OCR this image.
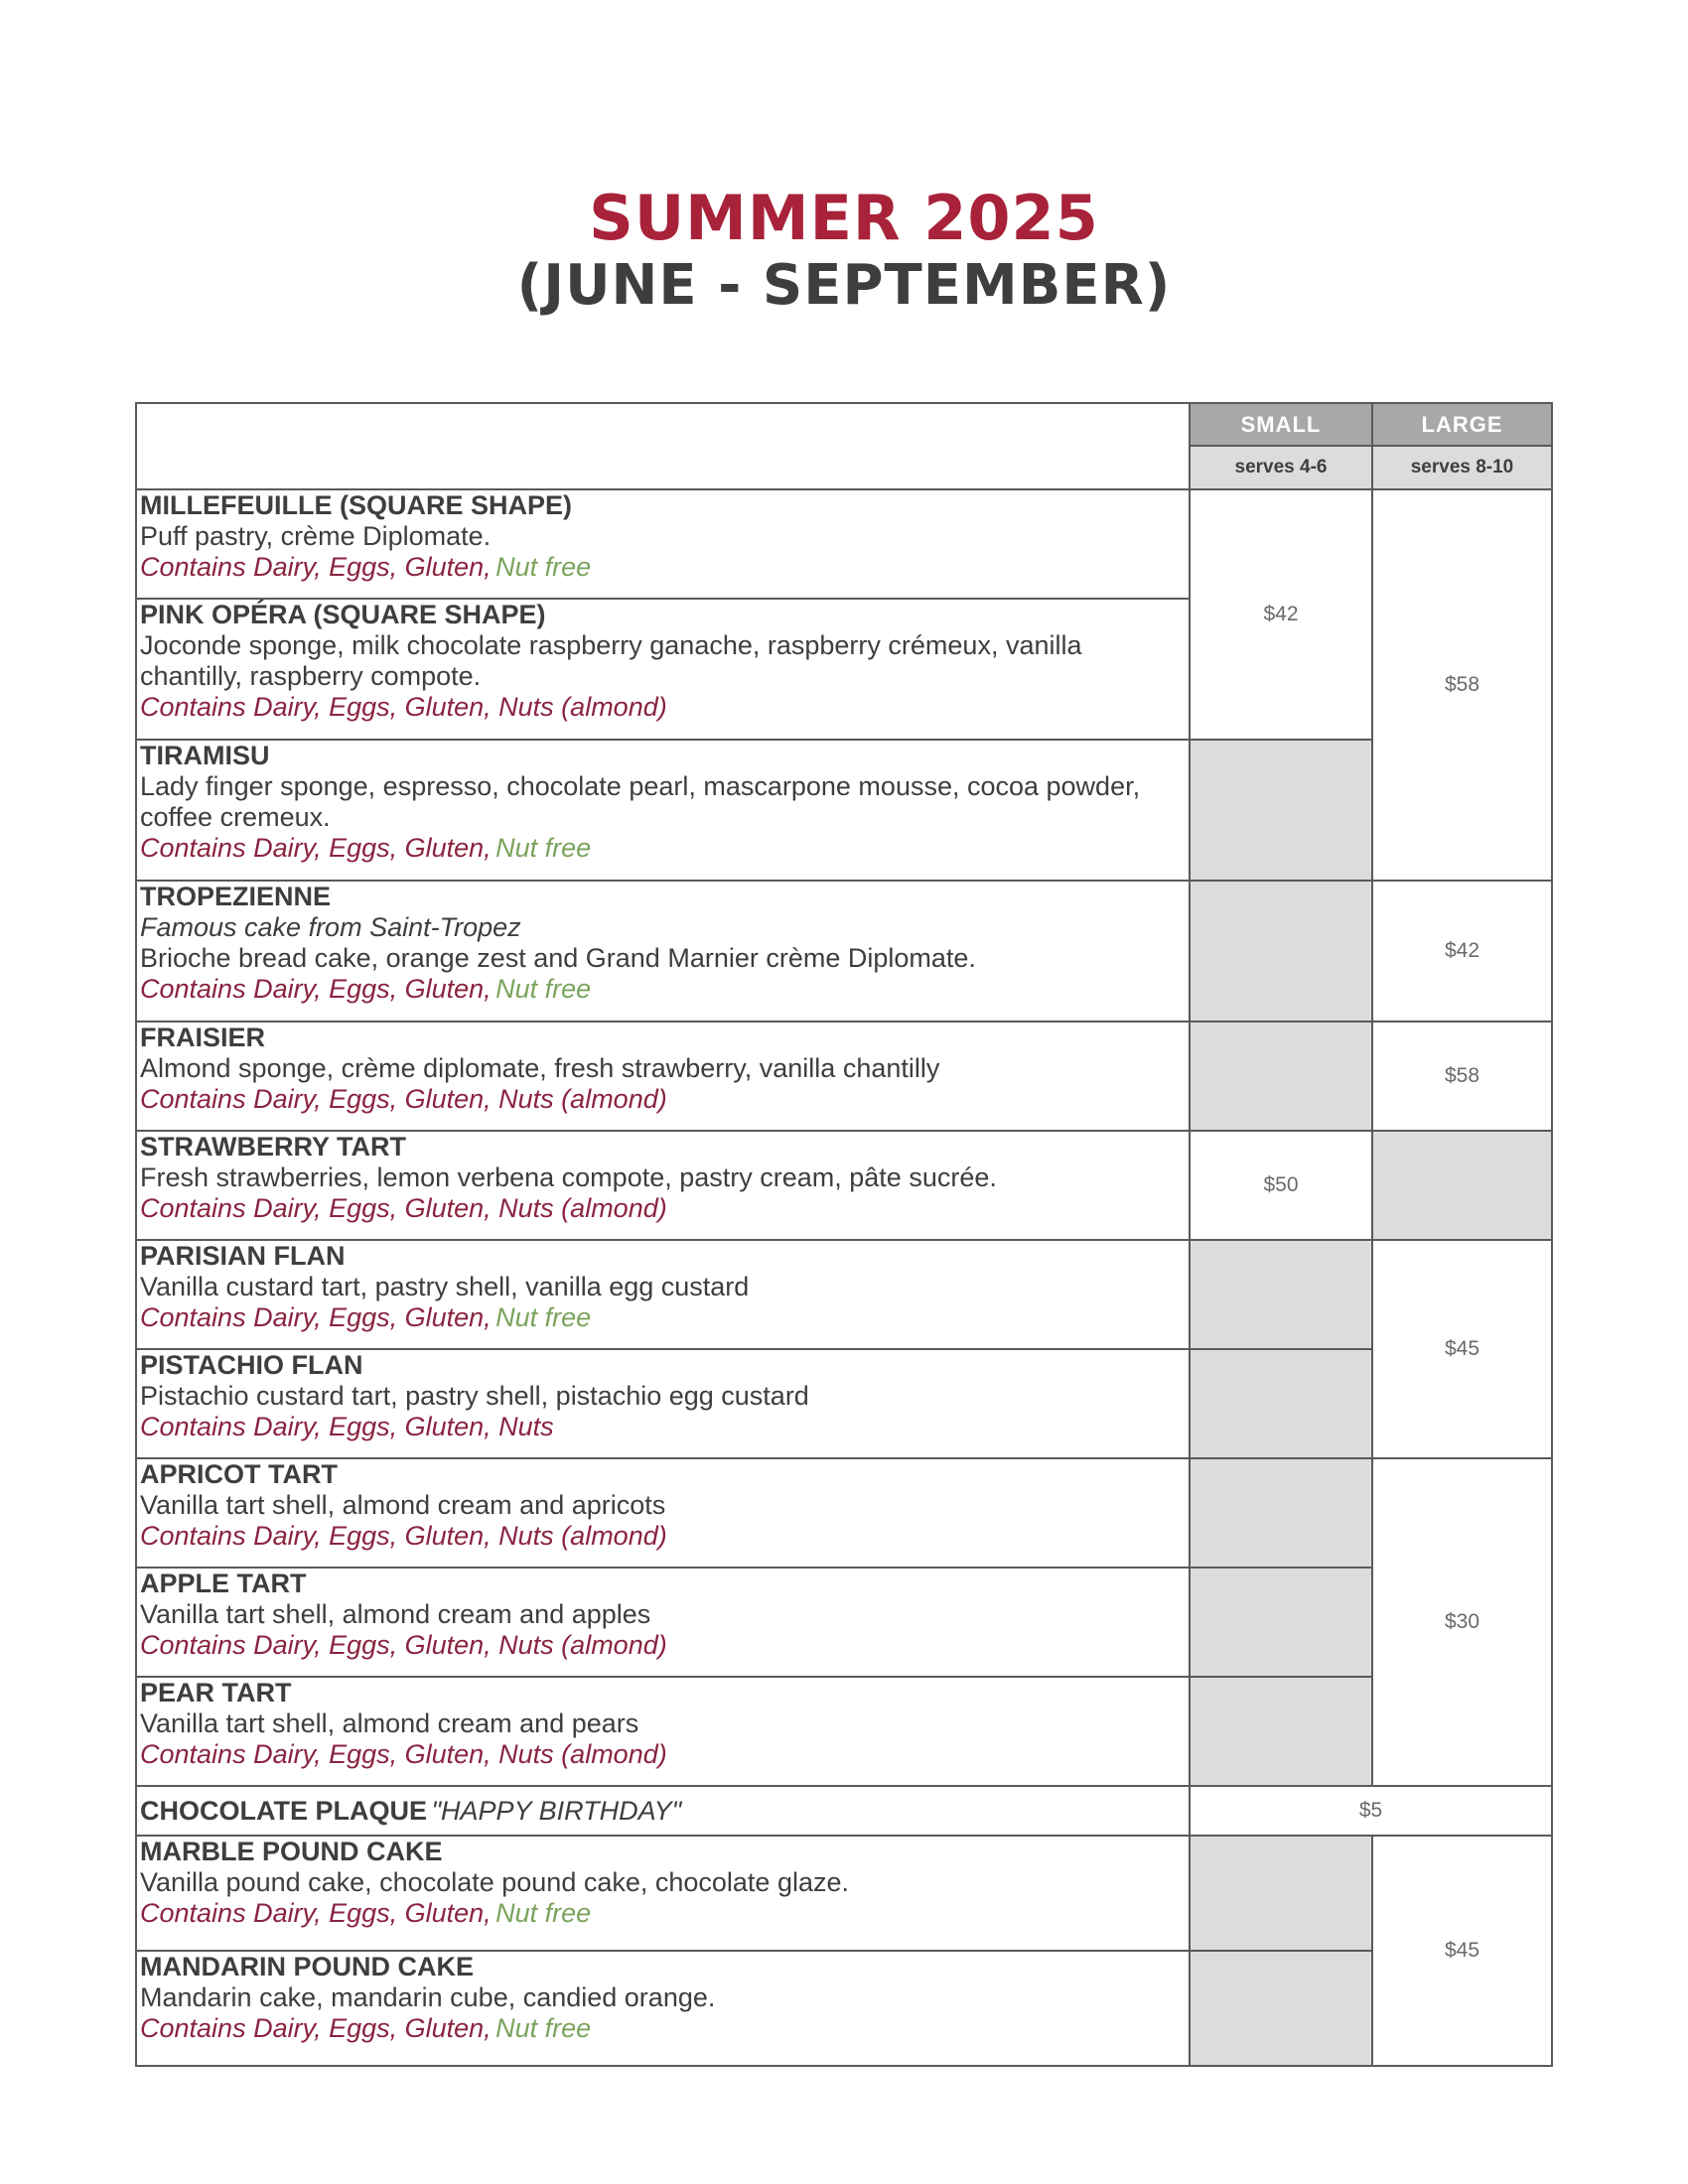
SUMMER 2025
(JUNE - SEPTEMBER)
	SMALL	LARGE
	serves 4-6	serves 8-10

MILLEFEUILLE (SQUARE SHAPE)
Puff pastry, crème Diplomate.
Contains Dairy, Eggs, Gluten, Nut free	$42	$58

PINK OPÉRA (SQUARE SHAPE)
Joconde sponge, milk chocolate raspberry ganache, raspberry crémeux, vanilla chantilly, raspberry compote.
Contains Dairy, Eggs, Gluten, Nuts (almond)		

TIRAMISU
Lady finger sponge, espresso, chocolate pearl, mascarpone mousse, cocoa powder, coffee cremeux.
Contains Dairy, Eggs, Gluten, Nut free		

TROPEZIENNE
Famous cake from Saint-Tropez
Brioche bread cake, orange zest and Grand Marnier crème Diplomate.
Contains Dairy, Eggs, Gluten, Nut free		$42

FRAISIER
Almond sponge, crème diplomate, fresh strawberry, vanilla chantilly
Contains Dairy, Eggs, Gluten, Nuts (almond)		$58

STRAWBERRY TART
Fresh strawberries, lemon verbena compote, pastry cream, pâte sucrée.
Contains Dairy, Eggs, Gluten, Nuts (almond)	$50	

PARISIAN FLAN
Vanilla custard tart, pastry shell, vanilla egg custard
Contains Dairy, Eggs, Gluten, Nut free		$45

PISTACHIO FLAN
Pistachio custard tart, pastry shell, pistachio egg custard
Contains Dairy, Eggs, Gluten, Nuts		

APRICOT TART
Vanilla tart shell, almond cream and apricots
Contains Dairy, Eggs, Gluten, Nuts (almond)		$30

APPLE TART
Vanilla tart shell, almond cream and apples
Contains Dairy, Eggs, Gluten, Nuts (almond)		

PEAR TART
Vanilla tart shell, almond cream and pears
Contains Dairy, Eggs, Gluten, Nuts (almond)		

CHOCOLATE PLAQUE "HAPPY BIRTHDAY"	$5	

MARBLE POUND CAKE
Vanilla pound cake, chocolate pound cake, chocolate glaze.
Contains Dairy, Eggs, Gluten, Nut free		$45

MANDARIN POUND CAKE
Mandarin cake, mandarin cube, candied orange.
Contains Dairy, Eggs, Gluten, Nut free		
